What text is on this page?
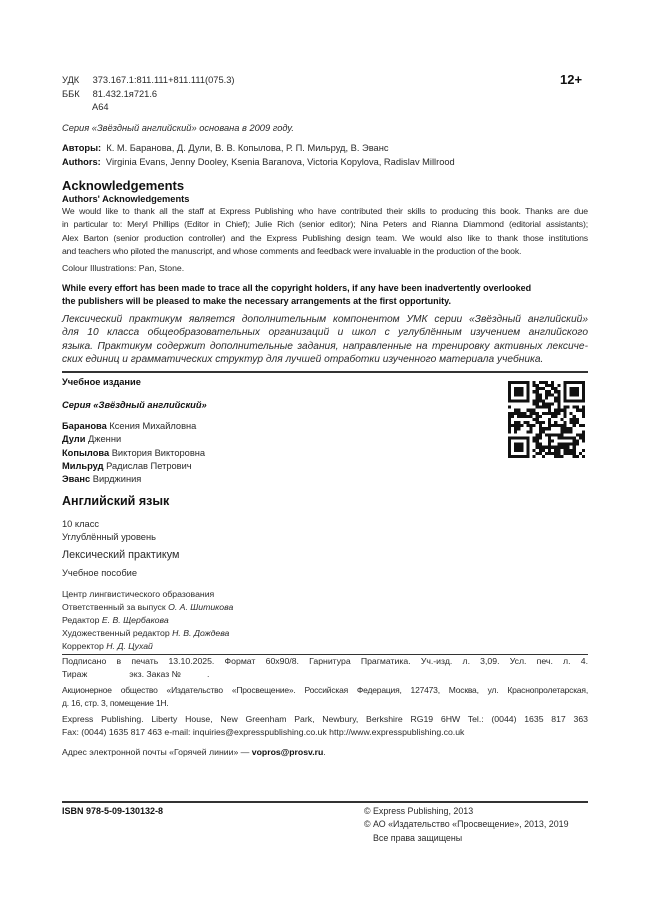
УДК 373.167.1:811.111+811.111(075.3)
ББК 81.432.1я721.6
А64
12+
Серия «Звёздный английский» основана в 2009 году.
Авторы: К. М. Баранова, Д. Дули, В. В. Копылова, Р. П. Мильруд, В. Эванс
Authors: Virginia Evans, Jenny Dooley, Ksenia Baranova, Victoria Kopylova, Radislav Millrood
Acknowledgements
Authors' Acknowledgements
We would like to thank all the staff at Express Publishing who have contributed their skills to producing this book. Thanks are due
in particular to: Meryl Phillips (Editor in Chief); Julie Rich (senior editor); Nina Peters and Rianna Diammond (editorial assistants);
Alex Barton (senior production controller) and the Express Publishing design team. We would also like to thank those institutions
and teachers who piloted the manuscript, and whose comments and feedback were invaluable in the production of the book.
Colour Illustrations: Pan, Stone.
While every effort has been made to trace all the copyright holders, if any have been inadvertently overlooked
the publishers will be pleased to make the necessary arrangements at the first opportunity.
Лексический практикум является дополнительным компонентом УМК серии «Звёздный английский»
для 10 класса общеобразовательных организаций и школ с углублённым изучением английского
языка. Практикум содержит дополнительные задания, направленные на тренировку активных лексиче-
ских единиц и грамматических структур для лучшей отработки изученного материала учебника.
Учебное издание
Серия «Звёздный английский»
Баранова Ксения Михайловна
Дули Дженни
Копылова Виктория Викторовна
Мильруд Радислав Петрович
Эванс Вирджиния
Английский язык
10 класс
Углублённый уровень
Лексический практикум
Учебное пособие
Центр лингвистического образования
Ответственный за выпуск О. А. Шитикова
Редактор Е. В. Щербакова
Художественный редактор Н. В. Дождева
Корректор Н. Д. Цухай
Подписано в печать 13.10.2025. Формат 60x90/8. Гарнитура Прагматика. Уч.-изд. л. 3,09. Усл. печ. л. 4.
Тираж	экз. Заказ №	.
Акционерное общество «Издательство «Просвещение». Российская Федерация, 127473, Москва, ул. Краснопролетарская,
д. 16, стр. 3, помещение 1Н.
Express Publishing. Liberty House, New Greenham Park, Newbury, Berkshire RG19 6HW Tel.: (0044) 1635 817 363
Fax: (0044) 1635 817 463 e-mail: inquiries@expresspublishing.co.uk http://www.expresspublishing.co.uk
Адрес электронной почты «Горячей линии» — vopros@prosv.ru.
ISBN 978-5-09-130132-8	© Express Publishing, 2013
© АО «Издательство «Просвещение», 2013, 2019
Все права защищены
